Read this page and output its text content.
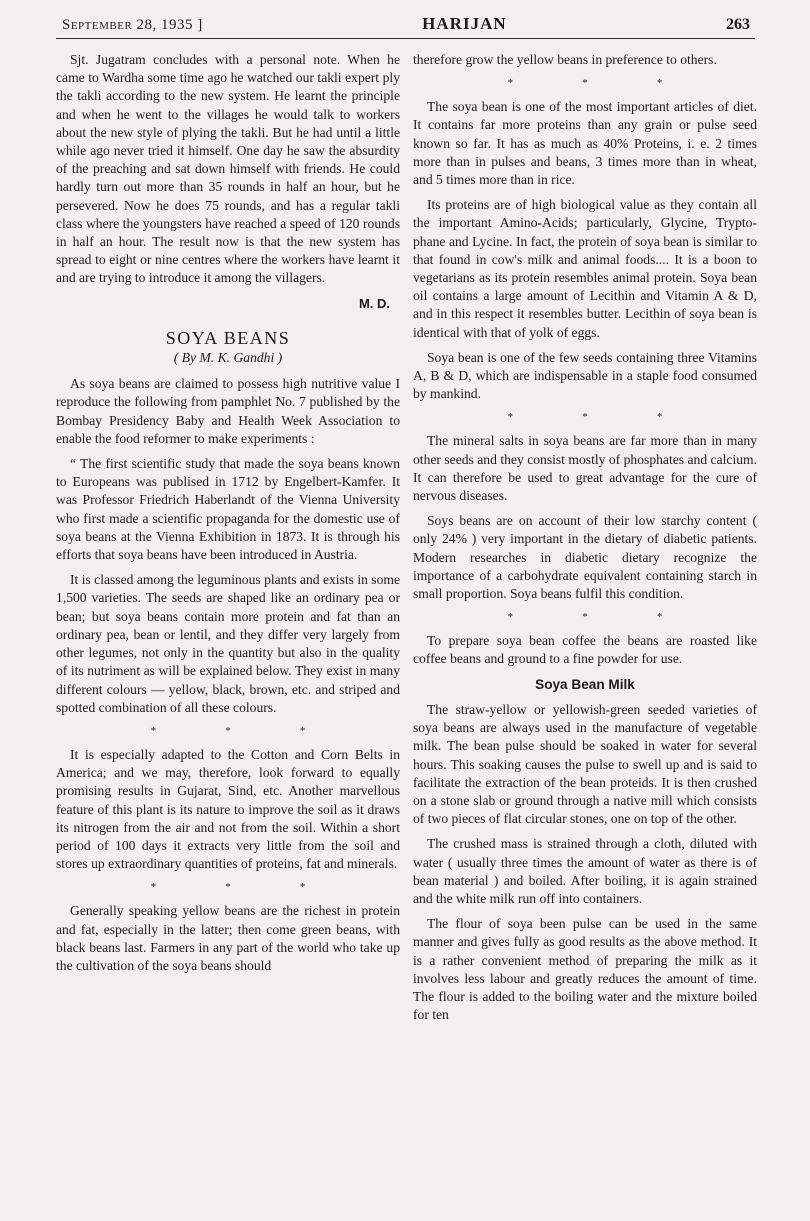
September 28, 1935 ]	HARIJAN	263

Sjt. Jugatram concludes with a personal note. When he came to Wardha some time ago he watched our takli expert ply the takli according to the new system. He learnt the principle and when he went to the villages he would talk to workers about the new style of plying the takli. But he had until a little while ago never tried it himself. One day he saw the absurdity of the preaching and sat down himself with friends. He could hardly turn out more than 35 rounds in half an hour, but he persevered. Now he does 75 rounds, and has a regular takli class where the youngsters have reached a speed of 120 rounds in half an hour. The result now is that the new system has spread to eight or nine centres where the workers have learnt it and are trying to introduce it among the villagers.

M. D.
SOYA BEANS
( By M. K. Gandhi )

As soya beans are claimed to possess high nutritive value I reproduce the following from pamphlet No. 7 published by the Bombay Presidency Baby and Health Week Association to enable the food reformer to make experiments :

“ The first scientific study that made the soya beans known to Europeans was publised in 1712 by Engelbert-Kamfer. It was Professor Friedrich Haberlandt of the Vienna University who first made a scientific propaganda for the domestic use of soya beans at the Vienna Exhibition in 1873. It is through his efforts that soya beans have been introduced in Austria.

It is classed among the leguminous plants and exists in some 1,500 varieties. The seeds are shaped like an ordinary pea or bean; but soya beans contain more protein and fat than an ordinary pea, bean or lentil, and they differ very largely from other legumes, not only in the quantity but also in the quality of its nutriment as will be explained below. They exist in many different colours — yellow, black, brown, etc. and striped and spotted combination of all these colours.

*	*	*

It is especially adapted to the Cotton and Corn Belts in America; and we may, therefore, look forward to equally promising results in Gujarat, Sind, etc. Another marvellous feature of this plant is its nature to improve the soil as it draws its nitrogen from the air and not from the soil. Within a short period of 100 days it extracts very little from the soil and stores up extraordinary quantities of proteins, fat and minerals.

*	*	*

Generally speaking yellow beans are the richest in protein and fat, especially in the latter; then come green beans, with black beans last. Farmers in any part of the world who take up the cultivation of the soya beans should

therefore grow the yellow beans in preference to others.

*	*	*

The soya bean is one of the most important articles of diet. It contains far more proteins than any grain or pulse seed known so far. It has as much as 40% Proteins, i. e. 2 times more than in pulses and beans, 3 times more than in wheat, and 5 times more than in rice.

Its proteins are of high biological value as they contain all the important Amino-Acids; particularly, Glycine, Trypto-phane and Lycine. In fact, the protein of soya bean is similar to that found in cow's milk and animal foods.... It is a boon to vegetarians as its protein resembles animal protein. Soya bean oil contains a large amount of Lecithin and Vitamin A & D, and in this respect it resembles butter. Lecithin of soya bean is identical with that of yolk of eggs.

Soya bean is one of the few seeds containing three Vitamins A, B & D, which are indispensable in a staple food consumed by mankind.

*	*	*

The mineral salts in soya beans are far more than in many other seeds and they consist mostly of phosphates and calcium. It can therefore be used to great advantage for the cure of nervous diseases.

Soys beans are on account of their low starchy content ( only 24% ) very important in the dietary of diabetic patients. Modern researches in diabetic dietary recognize the importance of a carbohydrate equivalent containing starch in small proportion. Soya beans fulfil this condition.

*	*	*

To prepare soya bean coffee the beans are roasted like coffee beans and ground to a fine powder for use.

Soya Bean Milk

The straw-yellow or yellowish-green seeded varieties of soya beans are always used in the manufacture of vegetable milk. The bean pulse should be soaked in water for several hours. This soaking causes the pulse to swell up and is said to facilitate the extraction of the bean proteids. It is then crushed on a stone slab or ground through a native mill which consists of two pieces of flat circular stones, one on top of the other.

The crushed mass is strained through a cloth, diluted with water ( usually three times the amount of water as there is of bean material ) and boiled. After boiling, it is again strained and the white milk run off into containers.

The flour of soya been pulse can be used in the same manner and gives fully as good results as the above method. It is a rather convenient method of preparing the milk as it involves less labour and greatly reduces the amount of time. The flour is added to the boiling water and the mixture boiled for ten
